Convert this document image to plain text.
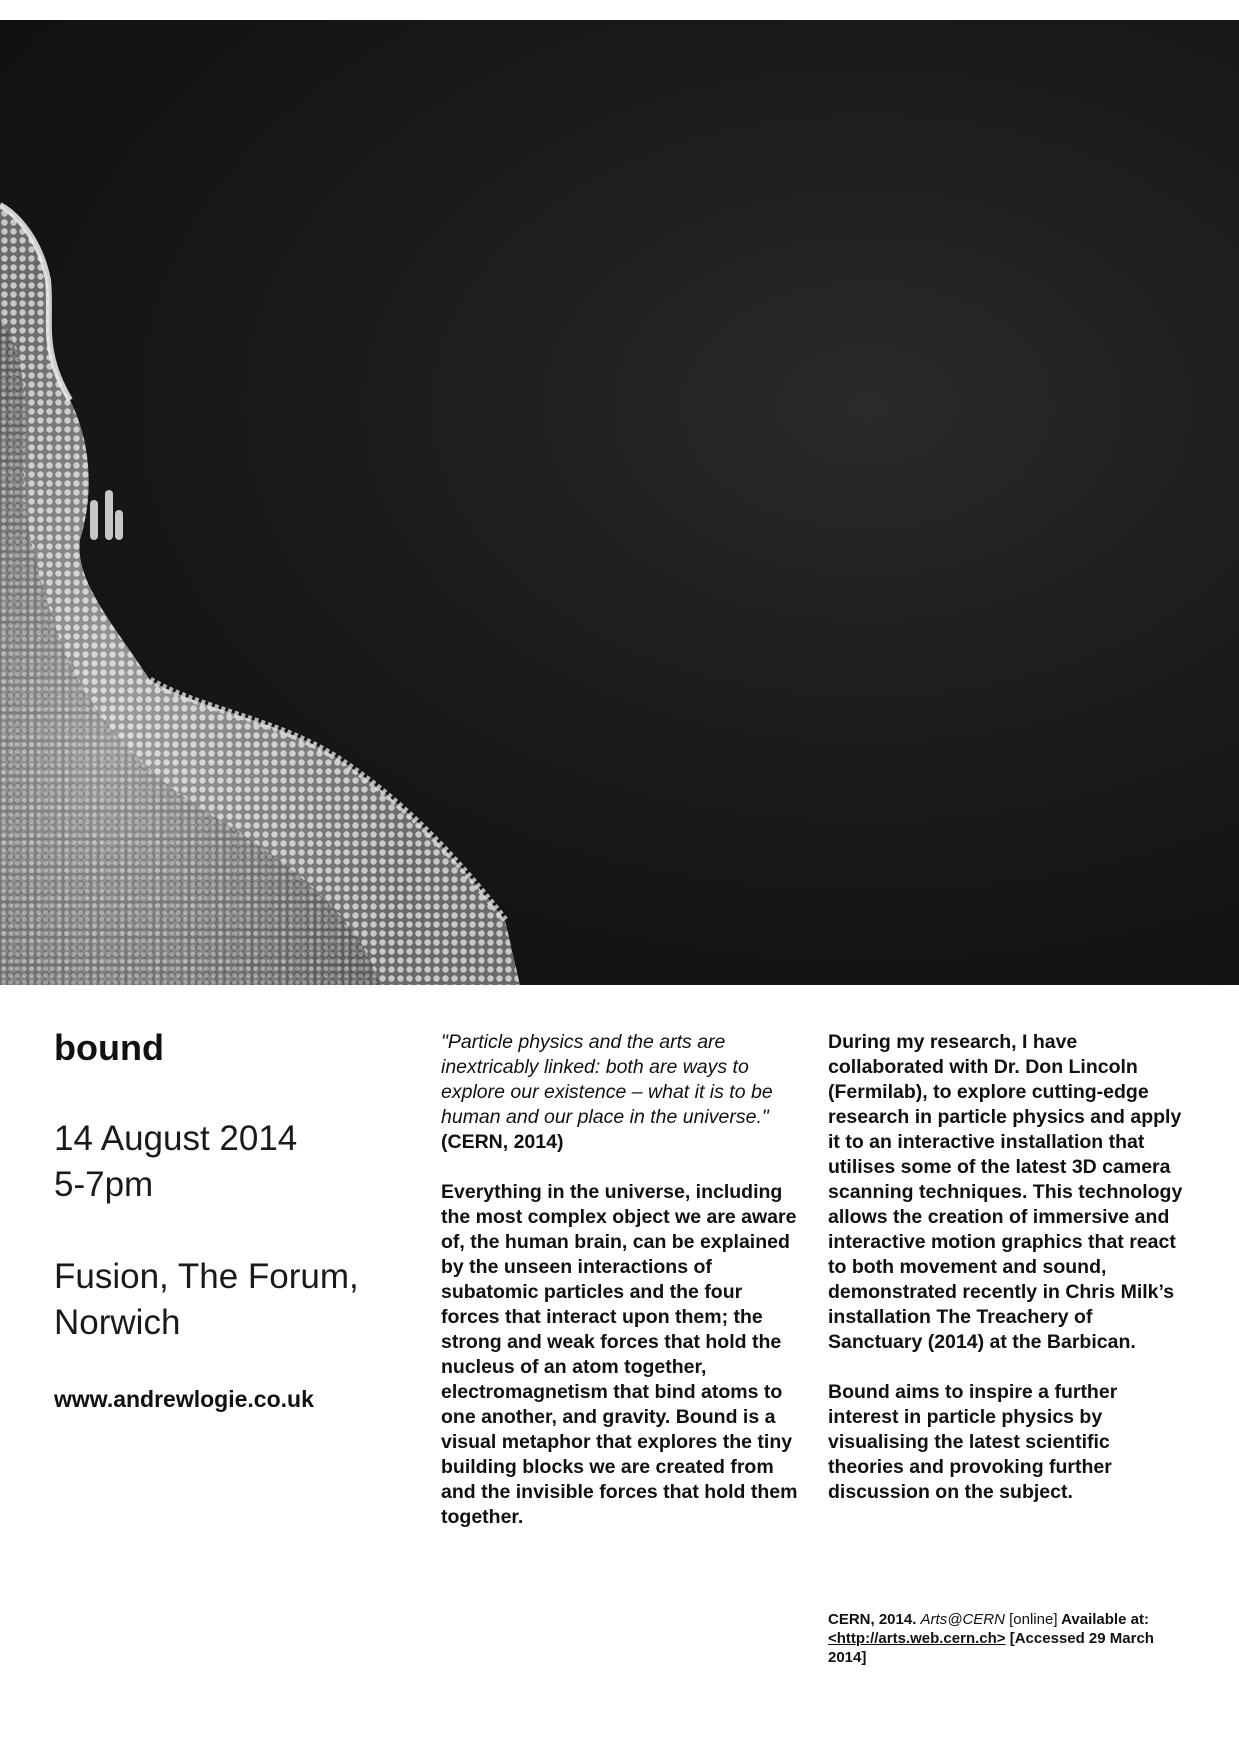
bound
14 August 2014
5-7pm
Fusion, The Forum,
Norwich
www.andrewlogie.co.uk

"Particle physics and the arts are inextricably linked: both are ways to explore our existence – what it is to be human and our place in the universe." (CERN, 2014)

Everything in the universe, including the most complex object we are aware of, the human brain, can be explained by the unseen interactions of subatomic particles and the four forces that interact upon them; the strong and weak forces that hold the nucleus of an atom together, electromagnetism that bind atoms to one another, and gravity. Bound is a visual metaphor that explores the tiny building blocks we are created from and the invisible forces that hold them together.

During my research, I have collaborated with Dr. Don Lincoln (Fermilab), to explore cutting-edge research in particle physics and apply it to an interactive installation that utilises some of the latest 3D camera scanning techniques. This technology allows the creation of immersive and interactive motion graphics that react to both movement and sound, demonstrated recently in Chris Milk’s installation The Treachery of Sanctuary (2014) at the Barbican.

Bound aims to inspire a further interest in particle physics by visualising the latest scientific theories and provoking further discussion on the subject.

CERN, 2014. Arts@CERN [online] Available at: <http://arts.web.cern.ch> [Accessed 29 March 2014]
